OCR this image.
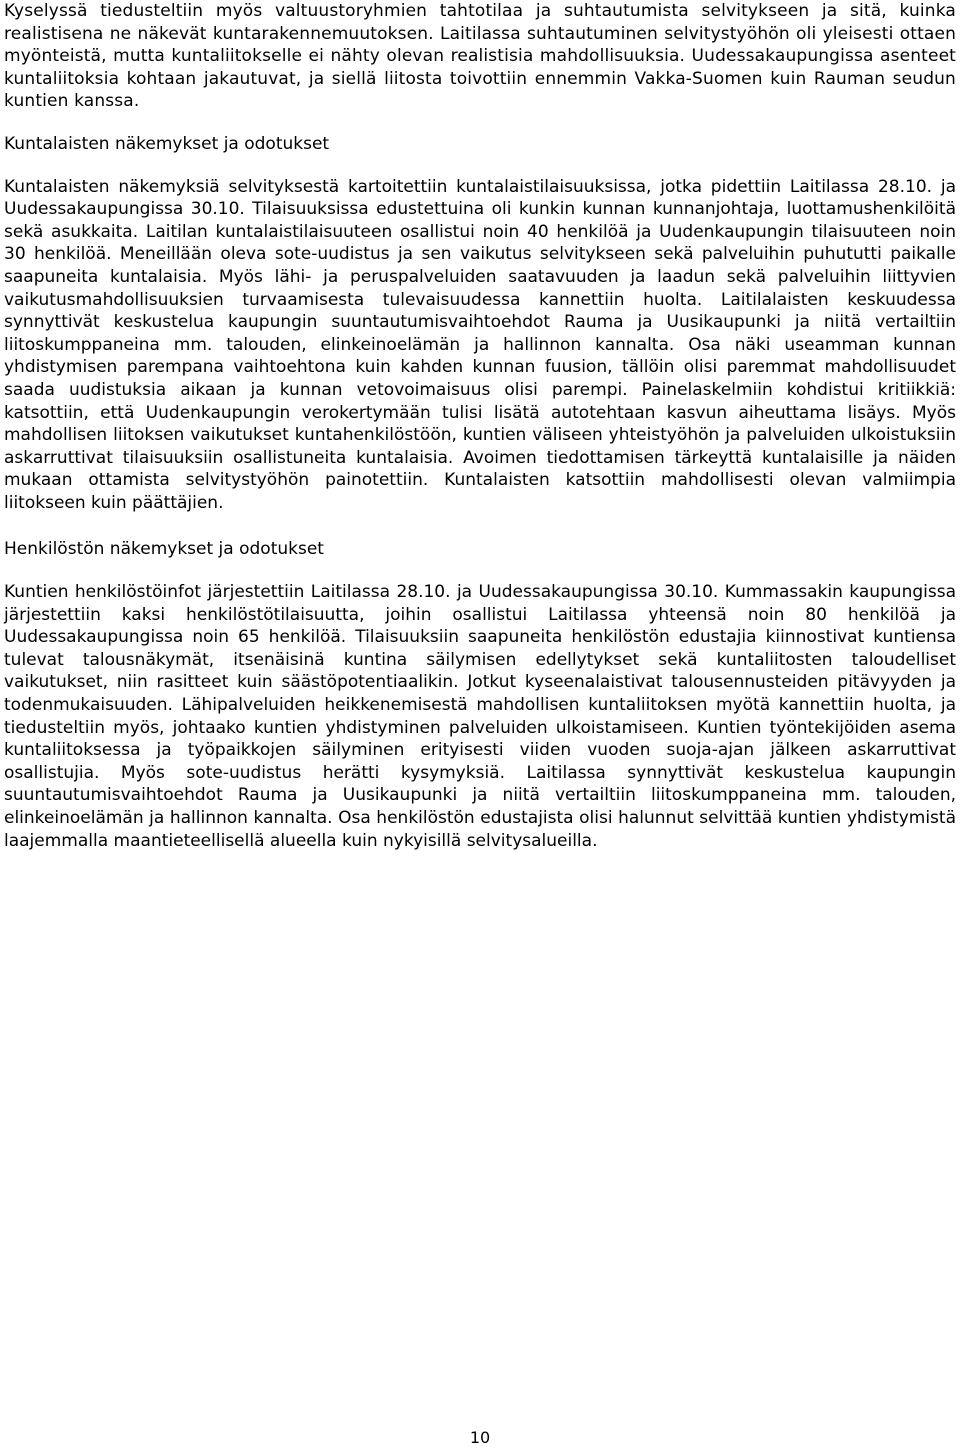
Kyselyssä tiedusteltiin myös valtuustoryhmien tahtotilaa ja suhtautumista selvitykseen ja sitä, kuinka realistisena ne näkevät kuntarakennemuutoksen. Laitilassa suhtautuminen selvitystyöhön oli yleisesti ottaen myönteistä, mutta kuntaliitokselle ei nähty olevan realistisia mahdollisuuksia. Uudessakaupungissa asenteet kuntaliitoksia kohtaan jakautuvat, ja siellä liitosta toivottiin ennemmin Vakka-Suomen kuin Rauman seudun kuntien kanssa.

Kuntalaisten näkemykset ja odotukset

Kuntalaisten näkemyksiä selvityksestä kartoitettiin kuntalaistilaisuuksissa, jotka pidettiin Laitilassa 28.10. ja Uudessakaupungissa 30.10. Tilaisuuksissa edustettuina oli kunkin kunnan kunnanjohtaja, luottamushenkilöitä sekä asukkaita. Laitilan kuntalaistilaisuuteen osallistui noin 40 henkilöä ja Uudenkaupungin tilaisuuteen noin 30 henkilöä. Meneillään oleva sote-uudistus ja sen vaikutus selvitykseen sekä palveluihin puhututti paikalle saapuneita kuntalaisia. Myös lähi- ja peruspalveluiden saatavuuden ja laadun sekä palveluihin liittyvien vaikutusmahdollisuuksien turvaamisesta tulevaisuudessa kannettiin huolta. Laitilalaisten keskuudessa synnyttivät keskustelua kaupungin suuntautumisvaihtoehdot Rauma ja Uusikaupunki ja niitä vertailtiin liitoskumppaneina mm. talouden, elinkeinoelämän ja hallinnon kannalta. Osa näki useamman kunnan yhdistymisen parempana vaihtoehtona kuin kahden kunnan fuusion, tällöin olisi paremmat mahdollisuudet saada uudistuksia aikaan ja kunnan vetovoimaisuus olisi parempi. Painelaskelmiin kohdistui kritiikkiä: katsottiin, että Uudenkaupungin verokertymään tulisi lisätä autotehtaan kasvun aiheuttama lisäys. Myös mahdollisen liitoksen vaikutukset kuntahenkilöstöön, kuntien väliseen yhteistyöhön ja palveluiden ulkoistuksiin askarruttivat tilaisuuksiin osallistuneita kuntalaisia. Avoimen tiedottamisen tärkeyttä kuntalaisille ja näiden mukaan ottamista selvitystyöhön painotettiin. Kuntalaisten katsottiin mahdollisesti olevan valmiimpia liitokseen kuin päättäjien.

Henkilöstön näkemykset ja odotukset

Kuntien henkilöstöinfot järjestettiin Laitilassa 28.10. ja Uudessakaupungissa 30.10. Kummassakin kaupungissa järjestettiin kaksi henkilöstötilaisuutta, joihin osallistui Laitilassa yhteensä noin 80 henkilöä ja Uudessakaupungissa noin 65 henkilöä. Tilaisuuksiin saapuneita henkilöstön edustajia kiinnostivat kuntiensa tulevat talousnäkymät, itsenäisinä kuntina säilymisen edellytykset sekä kuntaliitosten taloudelliset vaikutukset, niin rasitteet kuin säästöpotentiaalikin. Jotkut kyseenalaistivat talousennusteiden pitävyyden ja todenmukaisuuden. Lähipalveluiden heikkenemisestä mahdollisen kuntaliitoksen myötä kannettiin huolta, ja tiedusteltiin myös, johtaako kuntien yhdistyminen palveluiden ulkoistamiseen. Kuntien työntekijöiden asema kuntaliitoksessa ja työpaikkojen säilyminen erityisesti viiden vuoden suoja-ajan jälkeen askarruttivat osallistujia. Myös sote-uudistus herätti kysymyksiä. Laitilassa synnyttivät keskustelua kaupungin suuntautumisvaihtoehdot Rauma ja Uusikaupunki ja niitä vertailtiin liitoskumppaneina mm. talouden, elinkeinoelämän ja hallinnon kannalta. Osa henkilöstön edustajista olisi halunnut selvittää kuntien yhdistymistä laajemmalla maantieteellisellä alueella kuin nykyisillä selvitysalueilla.

10
